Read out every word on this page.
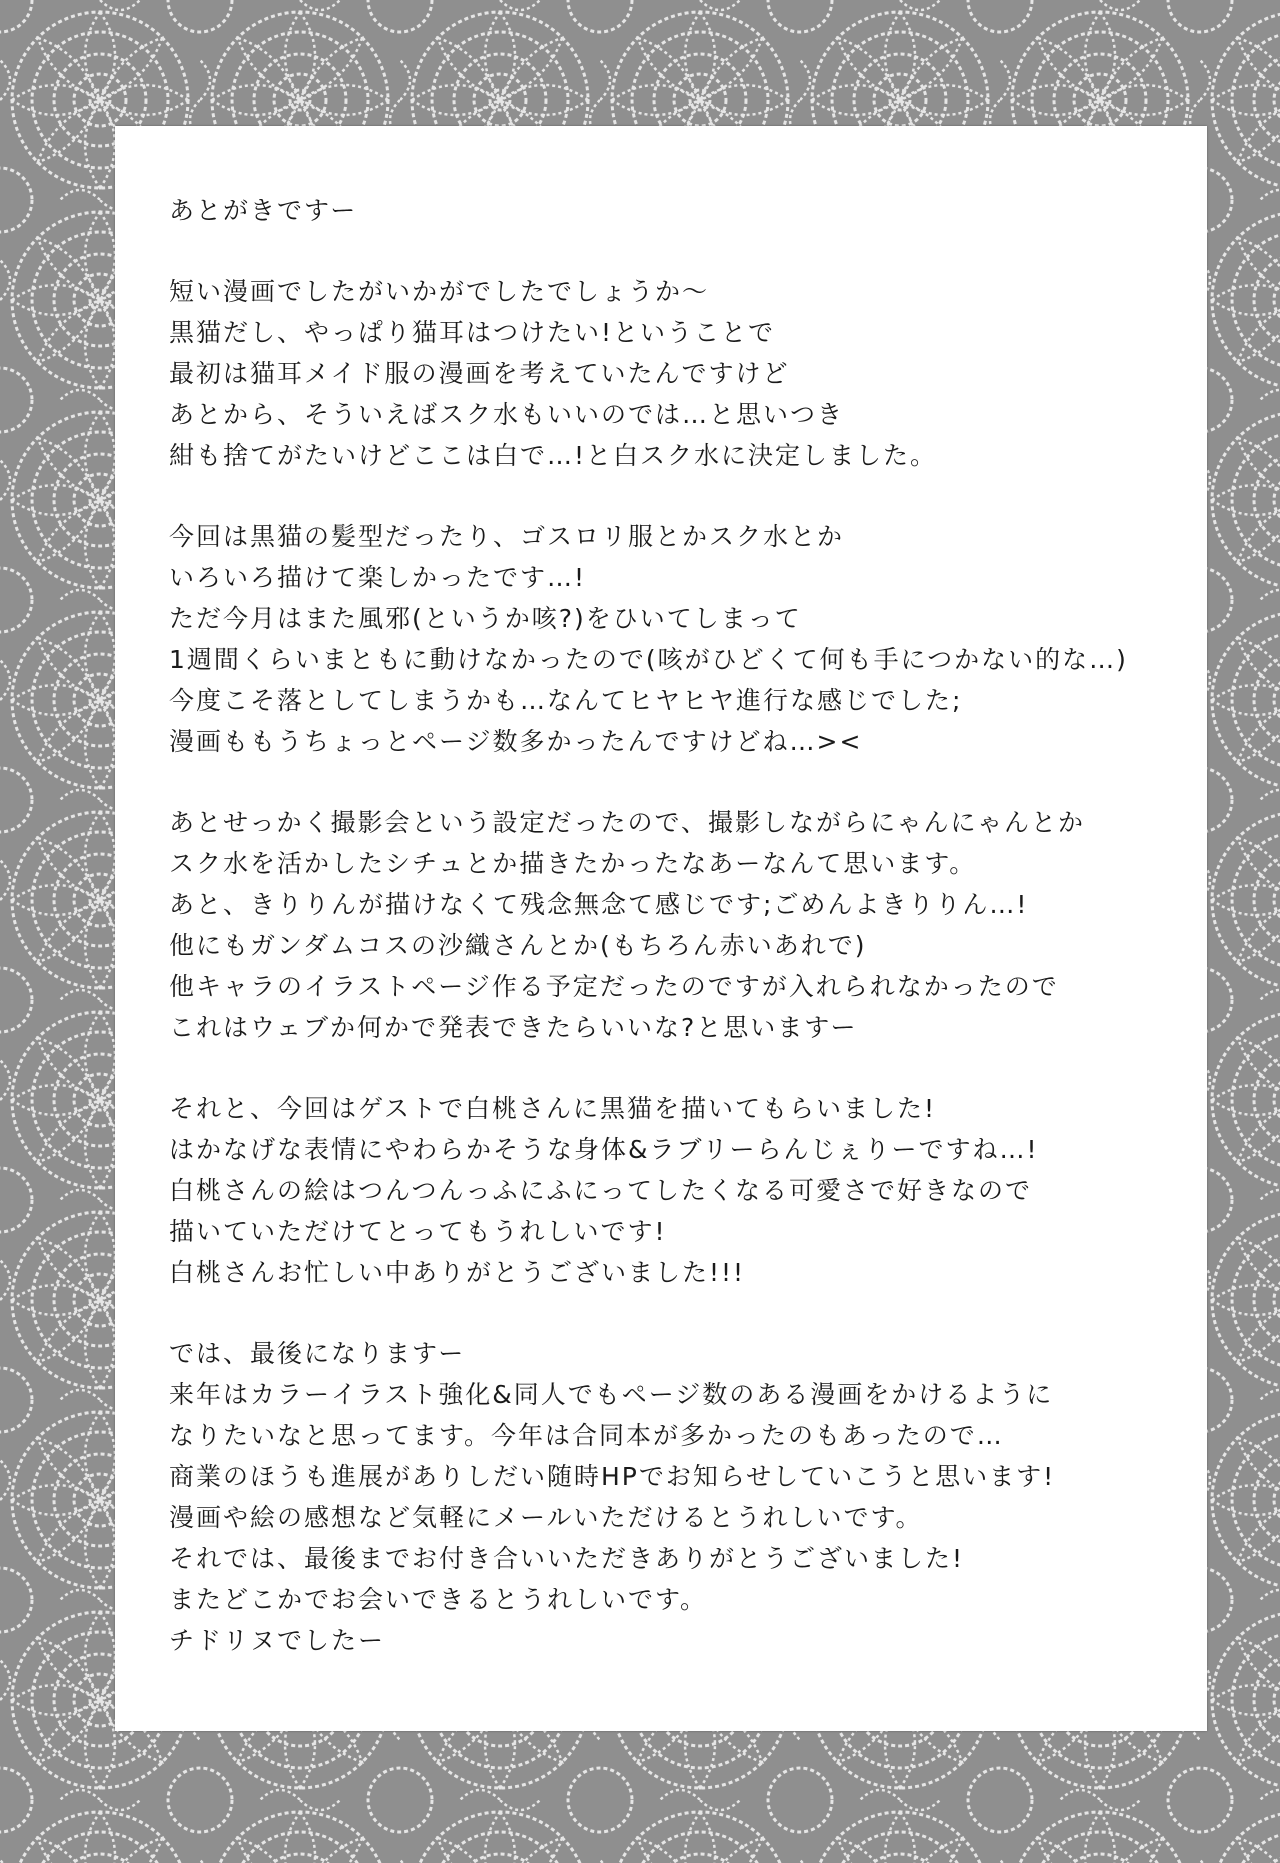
あとがきですー
短い漫画でしたがいかがでしたでしょうか～
黒猫だし、やっぱり猫耳はつけたい!ということで
最初は猫耳メイド服の漫画を考えていたんですけど
あとから、そういえばスク水もいいのでは…と思いつき
紺も捨てがたいけどここは白で…!と白スク水に決定しました。
今回は黒猫の髪型だったり、ゴスロリ服とかスク水とか
いろいろ描けて楽しかったです…!
ただ今月はまた風邪(というか咳?)をひいてしまって
1週間くらいまともに動けなかったので(咳がひどくて何も手につかない的な…)
今度こそ落としてしまうかも…なんてヒヤヒヤ進行な感じでした;
漫画ももうちょっとページ数多かったんですけどね…><
あとせっかく撮影会という設定だったので、撮影しながらにゃんにゃんとか
スク水を活かしたシチュとか描きたかったなあーなんて思います。
あと、きりりんが描けなくて残念無念て感じです;ごめんよきりりん…!
他にもガンダムコスの沙織さんとか(もちろん赤いあれで)
他キャラのイラストページ作る予定だったのですが入れられなかったので
これはウェブか何かで発表できたらいいな?と思いますー
それと、今回はゲストで白桃さんに黒猫を描いてもらいました!
はかなげな表情にやわらかそうな身体&ラブリーらんじぇりーですね…!
白桃さんの絵はつんつんっふにふにってしたくなる可愛さで好きなので
描いていただけてとってもうれしいです!
白桃さんお忙しい中ありがとうございました!!!
では、最後になりますー
来年はカラーイラスト強化&同人でもページ数のある漫画をかけるように
なりたいなと思ってます。今年は合同本が多かったのもあったので…
商業のほうも進展がありしだい随時HPでお知らせしていこうと思います!
漫画や絵の感想など気軽にメールいただけるとうれしいです。
それでは、最後までお付き合いいただきありがとうございました!
またどこかでお会いできるとうれしいです。
チドリヌでしたー
